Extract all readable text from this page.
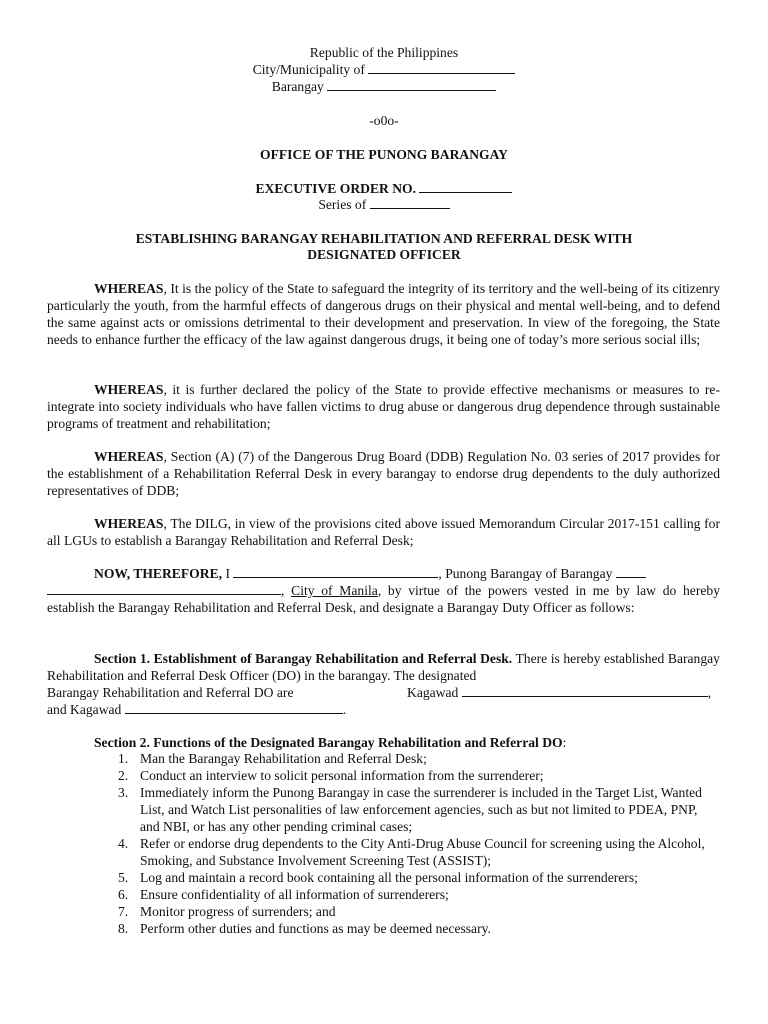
Republic of the Philippines
City/Municipality of
Barangay
-o0o-
OFFICE OF THE PUNONG BARANGAY
EXECUTIVE ORDER NO.
Series of
ESTABLISHING BARANGAY REHABILITATION AND REFERRAL DESK WITH
DESIGNATED OFFICER
WHEREAS, It is the policy of the State to safeguard the integrity of its territory and the well-being of its citizenry particularly the youth, from the harmful effects of dangerous drugs on their physical and mental well-being, and to defend the same against acts or omissions detrimental to their development and preservation. In view of the foregoing, the State needs to enhance further the efficacy of the law against dangerous drugs, it being one of today’s more serious social ills;
WHEREAS, it is further declared the policy of the State to provide effective mechanisms or measures to re-integrate into society individuals who have fallen victims to drug abuse or dangerous drug dependence through sustainable programs of treatment and rehabilitation;
WHEREAS, Section (A) (7) of the Dangerous Drug Board (DDB) Regulation No. 03 series of 2017 provides for the establishment of a Rehabilitation Referral Desk in every barangay to endorse drug dependents to the duly authorized representatives of DDB;
WHEREAS, The DILG, in view of the provisions cited above issued Memorandum Circular 2017-151 calling for all LGUs to establish a Barangay Rehabilitation and Referral Desk;
NOW, THEREFORE, I	, Punong Barangay of Barangay
, City of Manila, by virtue of the powers vested in me by law do hereby establish the Barangay Rehabilitation and Referral Desk, and designate a Barangay Duty Officer as follows:
Section 1. Establishment of Barangay Rehabilitation and Referral Desk. There is hereby established Barangay Rehabilitation and Referral Desk Officer (DO) in the barangay. The designated
Barangay Rehabilitation and Referral DO are	Kagawad	,
and Kagawad	.
Section 2. Functions of the Designated Barangay Rehabilitation and Referral DO:
1. Man the Barangay Rehabilitation and Referral Desk;
2. Conduct an interview to solicit personal information from the surrenderer;
3. Immediately inform the Punong Barangay in case the surrenderer is included in the Target List, Wanted List, and Watch List personalities of law enforcement agencies, such as but not limited to PDEA, PNP, and NBI, or has any other pending criminal cases;
4. Refer or endorse drug dependents to the City Anti-Drug Abuse Council for screening using the Alcohol, Smoking, and Substance Involvement Screening Test (ASSIST);
5. Log and maintain a record book containing all the personal information of the surrenderers;
6. Ensure confidentiality of all information of surrenderers;
7. Monitor progress of surrenders; and
8. Perform other duties and functions as may be deemed necessary.
